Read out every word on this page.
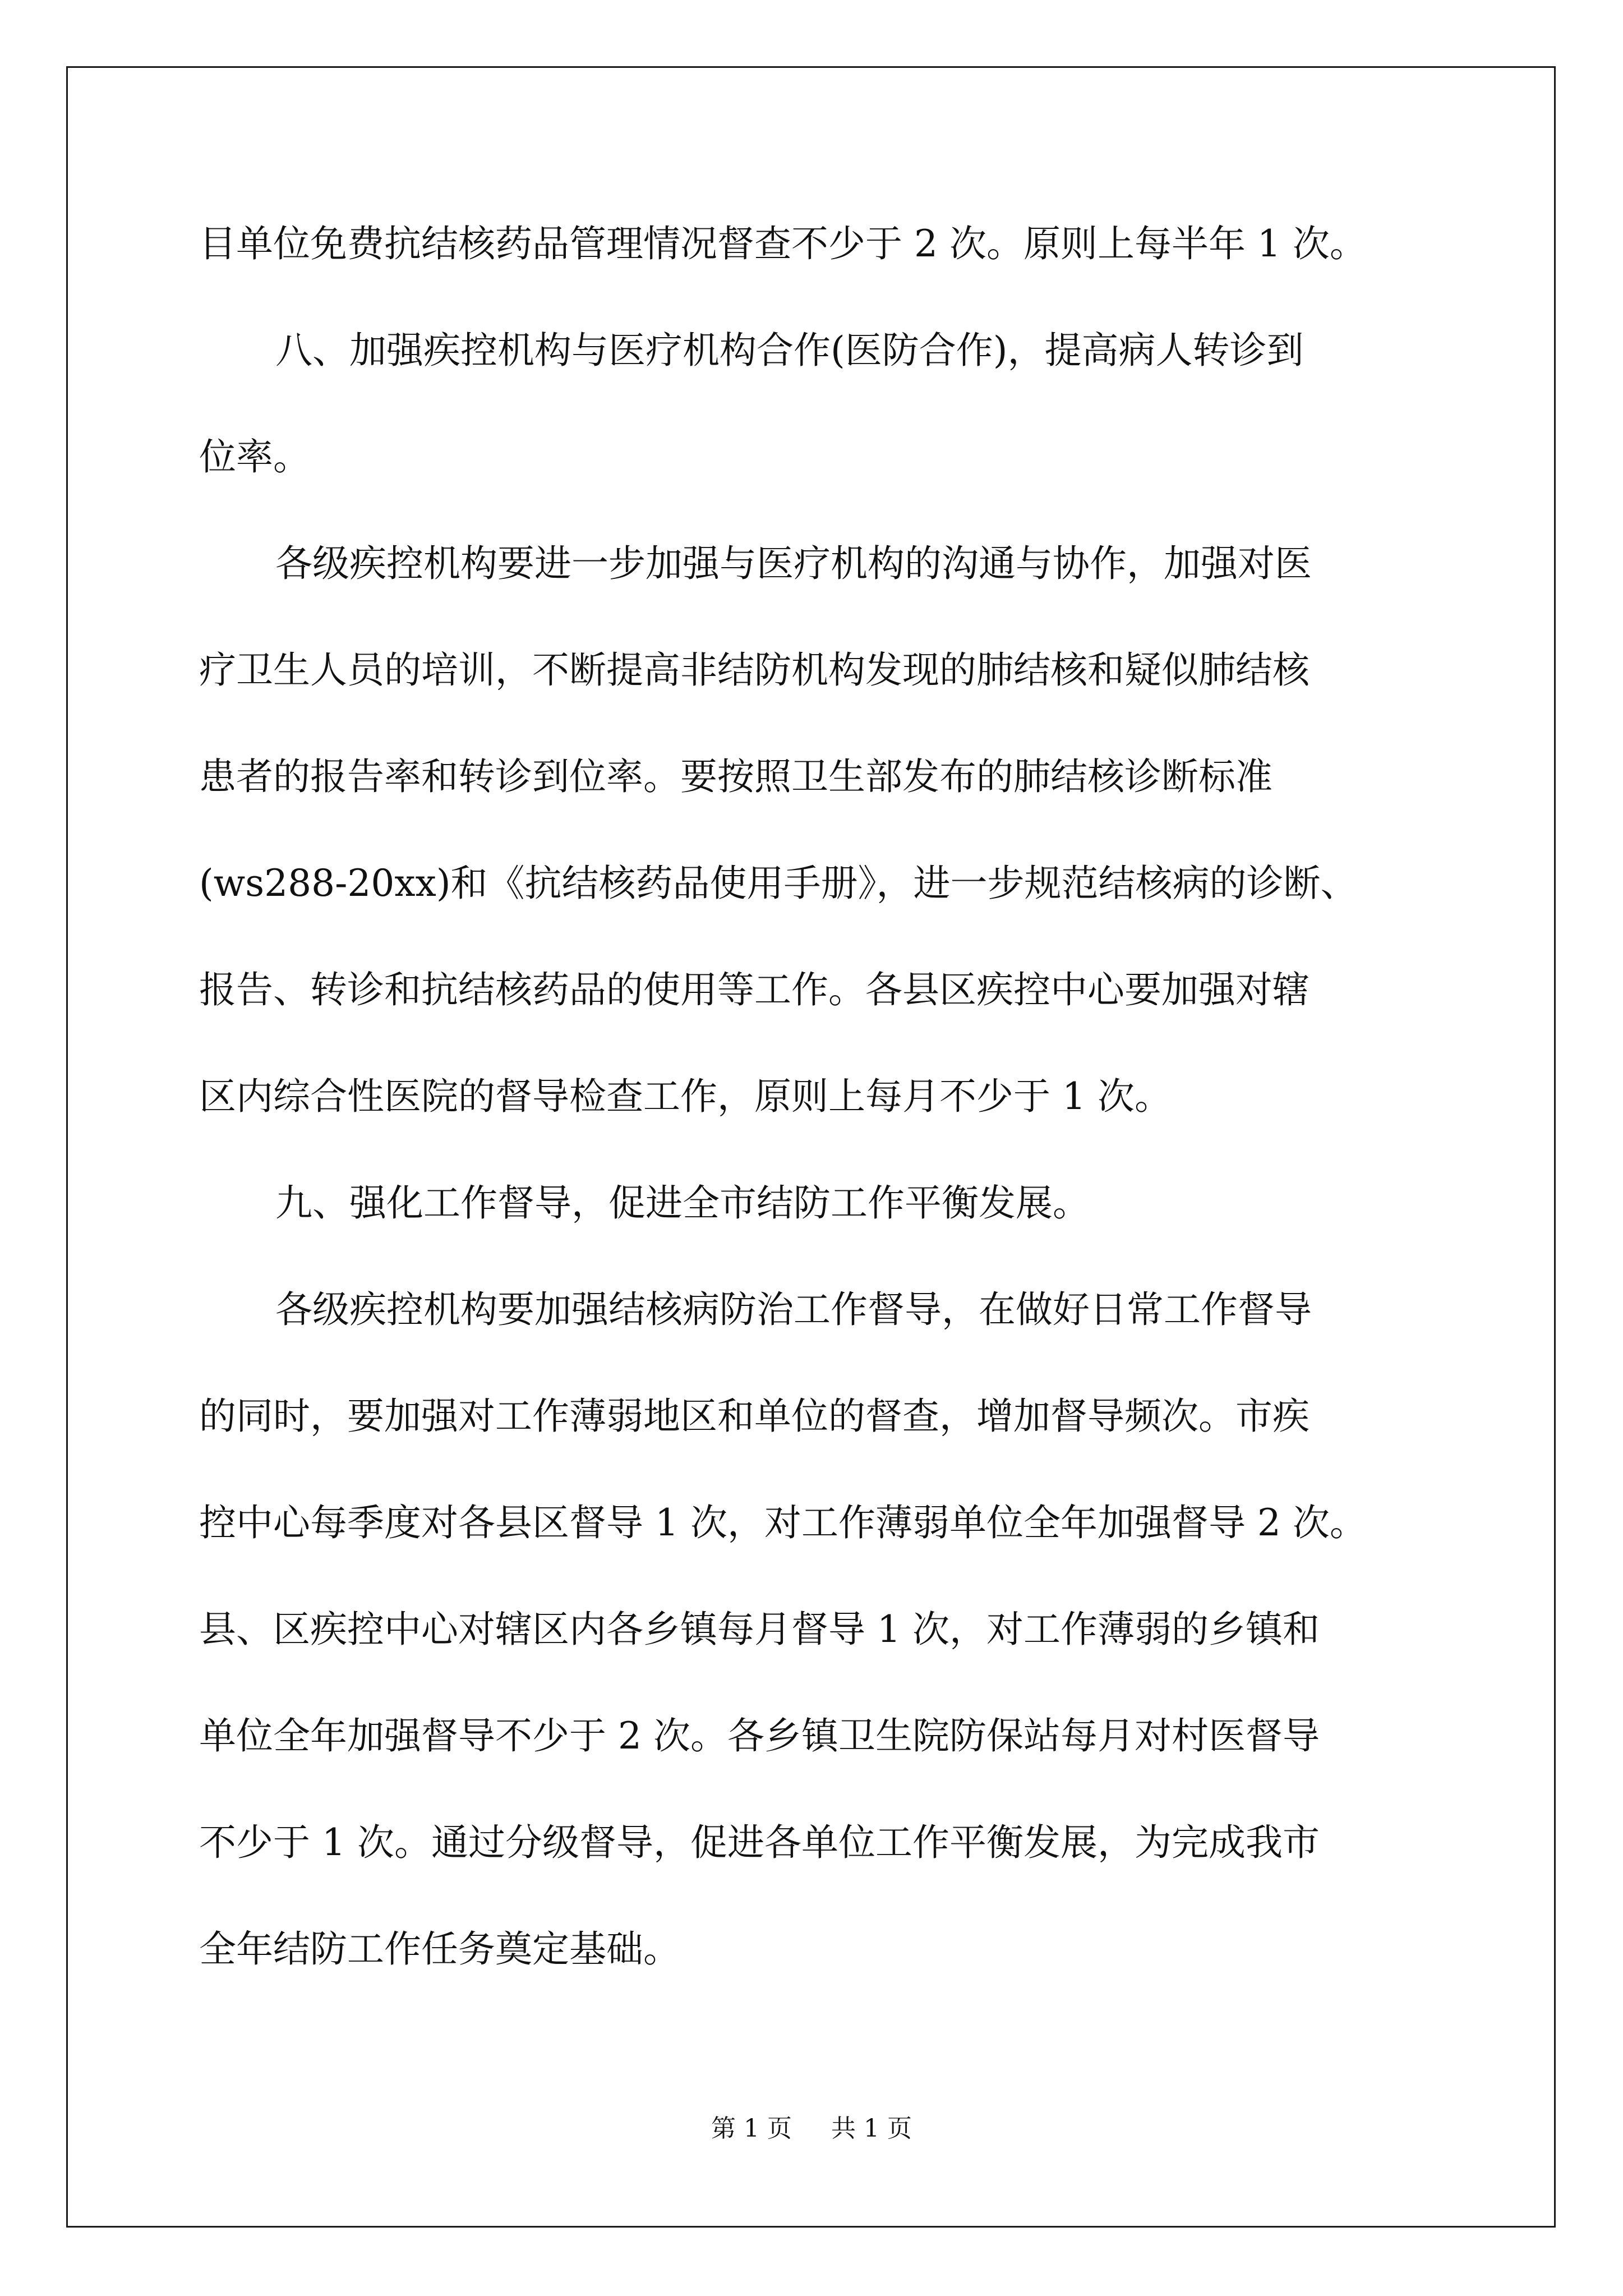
目单位免费抗结核药品管理情况督查不少于 2 次。原则上每半年 1 次。
八、加强疾控机构与医疗机构合作(医防合作)，提高病人转诊到
位率。
各级疾控机构要进一步加强与医疗机构的沟通与协作，加强对医
疗卫生人员的培训，不断提高非结防机构发现的肺结核和疑似肺结核
患者的报告率和转诊到位率。要按照卫生部发布的肺结核诊断标准
(ws288-20xx)和《抗结核药品使用手册》，进一步规范结核病的诊断、
报告、转诊和抗结核药品的使用等工作。各县区疾控中心要加强对辖
区内综合性医院的督导检查工作，原则上每月不少于 1 次。
九、强化工作督导，促进全市结防工作平衡发展。
各级疾控机构要加强结核病防治工作督导，在做好日常工作督导
的同时，要加强对工作薄弱地区和单位的督查，增加督导频次。市疾
控中心每季度对各县区督导 1 次，对工作薄弱单位全年加强督导 2 次。
县、区疾控中心对辖区内各乡镇每月督导 1 次，对工作薄弱的乡镇和
单位全年加强督导不少于 2 次。各乡镇卫生院防保站每月对村医督导
不少于 1 次。通过分级督导，促进各单位工作平衡发展，为完成我市
全年结防工作任务奠定基础。
第 1 页 共 1 页
